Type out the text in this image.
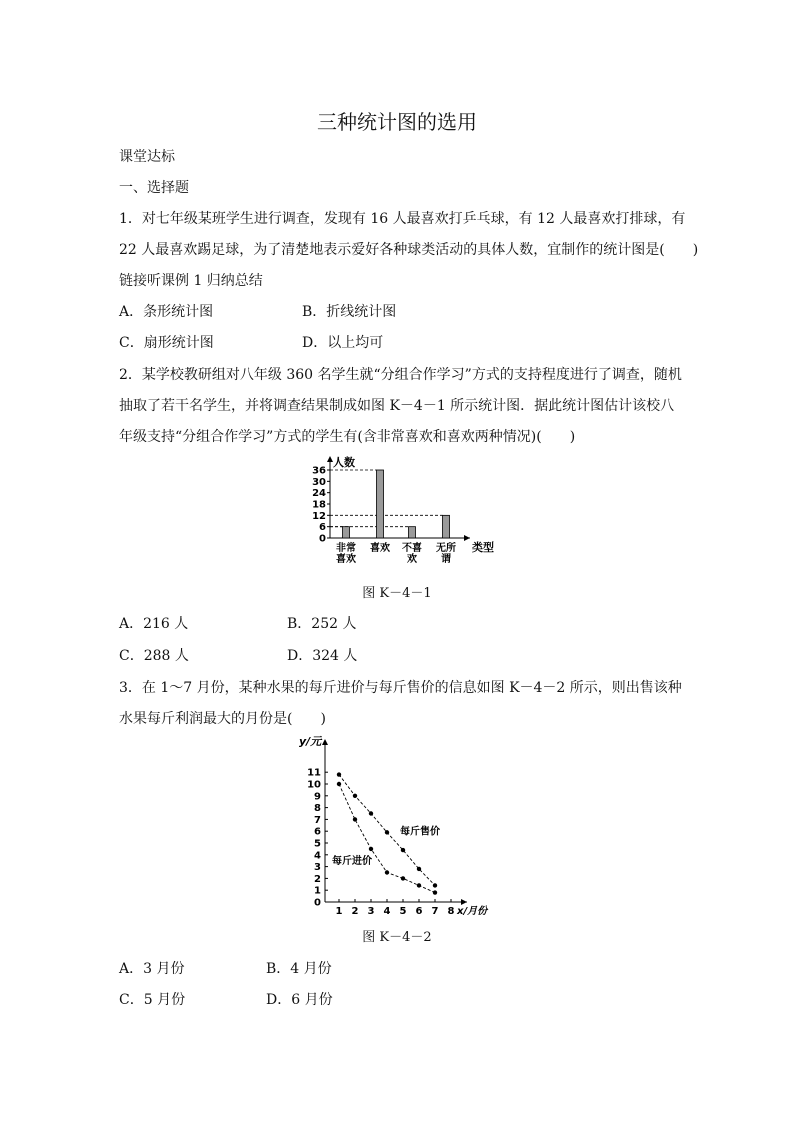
三种统计图的选用
课堂达标
一、选择题
1．对七年级某班学生进行调查，发现有 16 人最喜欢打乒乓球，有 12 人最喜欢打排球，有
22 人最喜欢踢足球，为了清楚地表示爱好各种球类活动的具体人数，宜制作的统计图是(　　)
链接听课例 1 归纳总结
A．条形统计图	B．折线统计图
C．扇形统计图	D．以上均可
2．某学校教研组对八年级 360 名学生就“分组合作学习”方式的支持程度进行了调查，随机
抽取了若干名学生，并将调查结果制成如图 K－4－1 所示统计图．据此统计图估计该校八
年级支持“分组合作学习”方式的学生有(含非常喜欢和喜欢两种情况)(　　)
0
6
12
18
24
30
36
非常
喜欢
喜欢 不喜
欢
无所
谓
人数
类型
图 K－4－1
A．216 人	B．252 人
C．288 人	D．324 人
3．在 1～7 月份，某种水果的每斤进价与每斤售价的信息如图 K－4－2 所示，则出售该种
水果每斤利润最大的月份是(　　)
0
1
2
3
4
5
6
7
8
9
10
11
1 2 3 4 5 6 7 8
每斤售价
每斤进价
y/元
x/月份
图 K－4－2
A．3 月份	B．4 月份
C．5 月份	D．6 月份
